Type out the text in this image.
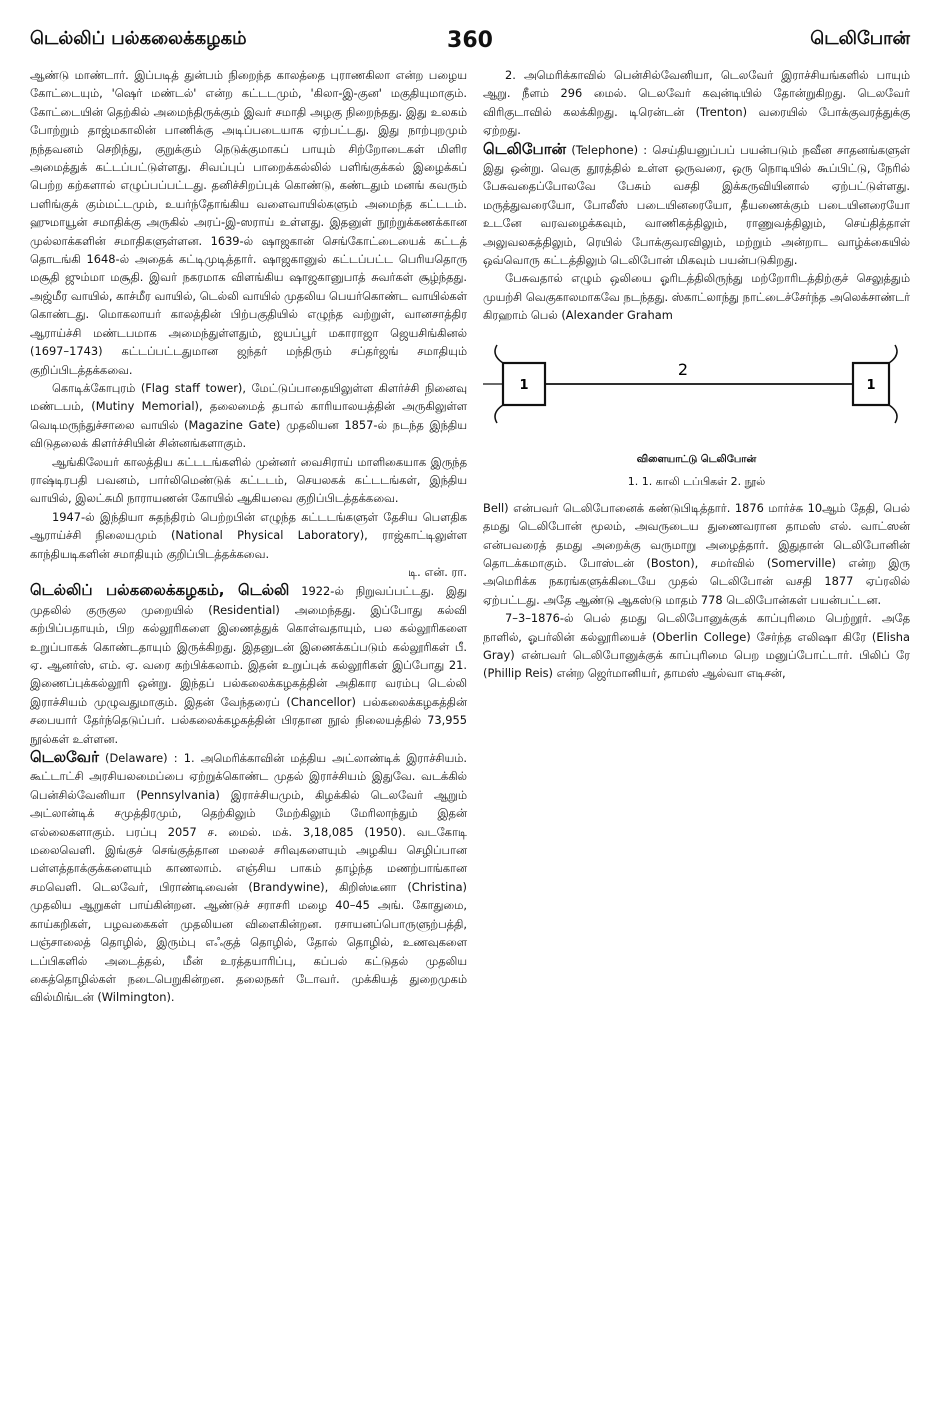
டெல்லிப் பல்கலைக்கழகம்	360	டெலிபோன்

ஆண்டு மாண்டார். இப்படித் துன்பம் நிறைந்த காலத்தை புராணகிலா என்ற பழைய கோட்டையும், 'ஷெர் மண்டல்' என்ற கட்டடமும், 'கிலா-இ-குன' மகுதியுமாகும். கோட்டையின் தெற்கில் அமைந்திருக்கும் இவர் சமாதி அழகு நிறைந்தது. இது உலகம் போற்றும் தாஜ்மகாலின் பாணிக்கு அடிப்படையாக ஏற்பட்டது. இது நாற்புறமும் நந்தவனம் செறிந்து, குறுக்கும் நெடுக்குமாகப் பாயும் சிற்றோடைகள் மிளிர அமைத்துக் கட்டப்பட்டுள்ளது. சிவப்புப் பாறைக்கல்லில் பளிங்குக்கல் இழைக்கப் பெற்ற கற்களால் எழுப்பப்பட்டது. தனிச்சிறப்புக் கொண்டு, கண்டதும் மனங் கவரும் பளிங்குக் கும்மட்டமும், உயர்ந்தோங்கிய வளைவாயில்களும் அமைந்த கட்டடம். ஹுமாயூன் சமாதிக்கு அருகில் அரப்-இ-ஸராய் உள்ளது. இதனுள் நூற்றுக்கணக்கான முல்லாக்களின் சமாதிகளுள்ளன. 1639-ல் ஷாஜகான் செங்கோட்டையைக் கட்டத் தொடங்கி 1648-ல் அதைக் கட்டிமுடித்தார். ஷாஜகானுல் கட்டப்பட்ட பெரியதொரு மசூதி ஜும்மா மசூதி. இவர் நகரமாக விளங்கிய ஷாஜகானுபாத் சுவர்கள் சூழ்ந்தது. அஜ்மீர வாயில், காச்மீர வாயில், டெல்லி வாயில் முதலிய பெயர்கொண்ட வாயில்கள் கொண்டது. மொகலாயர் காலத்தின் பிற்பகுதியில் எழுந்த வற்றுள், வானசாத்திர ஆராய்ச்சி மண்டபமாக அமைந்துள்ளதும், ஜயப்பூர் மகாராஜா ஜெயசிங்கினல் (1697–1743) கட்டப்பட்டதுமான ஜந்தர் மந்திரும் சப்தர்ஜங் சமாதியும் குறிப்பிடத்தக்கவை.

கொடிக்கோபுரம் (Flag staff tower), மேட்டுப்பாதையிலுள்ள கிளர்ச்சி நினைவு மண்டபம், (Mutiny Memorial), தலைமைத் தபால் காரியாலயத்தின் அருகிலுள்ள வெடிமருந்துச்சாலை வாயில் (Magazine Gate) முதலியன 1857-ல் நடந்த இந்திய விடுதலைக் கிளர்ச்சியின் சின்னங்களாகும்.

ஆங்கிலேயர் காலத்திய கட்டடங்களில் முன்னர் வைசிராய் மாளிகையாக இருந்த ராஷ்டிரபதி பவனம், பார்லிமெண்டுக் கட்டடம், செயலகக் கட்டடங்கள், இந்திய வாயில், இலட்சுமி நாராயணன் கோயில் ஆகியவை குறிப்பிடத்தக்கவை.

1947-ல் இந்தியா சுதந்திரம் பெற்றபின் எழுந்த கட்டடங்களுள் தேசிய பௌதிக ஆராய்ச்சி நிலையமும் (National Physical Laboratory), ராஜ்காட்டிலுள்ள காந்தியடிகளின் சமாதியும் குறிப்பிடத்தக்கவை.

டி. என். ரா.

டெல்லிப் பல்கலைக்கழகம், டெல்லி 1922-ல் நிறுவப்பட்டது. இது முதலில் குருகுல முறையில் (Residential) அமைந்தது. இப்போது கல்வி கற்பிப்பதாயும், பிற கல்லூரிகளை இணைத்துக் கொள்வதாயும், பல கல்லூரிகளை உறுப்பாகக் கொண்டதாயும் இருக்கிறது. இதனுடன் இணைக்கப்படும் கல்லூரிகள் பீ. ஏ. ஆனர்ஸ், எம். ஏ. வரை கற்பிக்கலாம். இதன் உறுப்புக் கல்லூரிகள் இப்போது 21. இணைப்புக்கல்லூரி ஒன்று. இந்தப் பல்கலைக்கழகத்தின் அதிகார வரம்பு டெல்லி இராச்சியம் முழுவதுமாகும். இதன் வேந்தரைப் (Chancellor) பல்கலைக்கழகத்தின் சபையார் தேர்ந்தெடுப்பர். பல்கலைக்கழகத்தின் பிரதான நூல் நிலையத்தில் 73,955 நூல்கள் உள்ளன.

டெலவேர் (Delaware) : 1. அமெரிக்காவின் மத்திய அட்லாண்டிக் இராச்சியம். கூட்டாட்சி அரசியலமைப்பை ஏற்றுக்கொண்ட முதல் இராச்சியம் இதுவே. வடக்கில் பென்சில்வேனியா (Pennsylvania) இராச்சியமும், கிழக்கில் டெலவேர் ஆறும் அட்லான்டிக் சமுத்திரமும், தெற்கிலும் மேற்கிலும் மேரிலாந்தும் இதன் எல்லைகளாகும். பரப்பு 2057 ச. மைல். மக். 3,18,085 (1950). வடகோடி மலைவெளி. இங்குச் செங்குத்தான மலைச் சரிவுகளையும் அழகிய செழிப்பான பள்ளத்தாக்குக்களையும் காணலாம். எஞ்சிய பாகம் தாழ்ந்த மணற்பாங்கான சமவெளி. டெலவேர், பிராண்டிவைன் (Brandywine), கிறிஸ்டீனா (Christina) முதலிய ஆறுகள் பாய்கின்றன. ஆண்டுச் சராசரி மழை 40–45 அங். கோதுமை, காய்கறிகள், பழவகைகள் முதலியன விளைகின்றன. ரசாயனப்பொருளுற்பத்தி, பஞ்சாலைத் தொழில், இரும்பு எஃகுத் தொழில், தோல் தொழில், உணவுகளை டப்பிகளில் அடைத்தல், மீன் உரத்தயாரிப்பு, கப்பல் கட்டுதல் முதலிய கைத்தொழில்கள் நடைபெறுகின்றன. தலைநகர் டோவர். முக்கியத் துறைமுகம் வில்மிங்டன் (Wilmington).

2. அமெரிக்காவில் பென்சில்வேனியா, டெலவேர் இராச்சியங்களில் பாயும் ஆறு. நீளம் 296 மைல். டெலவேர் கவுன்டியில் தோன்றுகிறது. டெலவேர் விரிகுடாவில் கலக்கிறது. டிரென்டன் (Trenton) வரையில் போக்குவரத்துக்கு ஏற்றது.

டெலிபோன் (Telephone) : செய்தியனுப்பப் பயன்படும் நவீன சாதனங்களுள் இது ஒன்று. வெகு தூரத்தில் உள்ள ஒருவரை, ஒரு நொடியில் கூப்பிட்டு, நேரில் பேசுவதைப்போலவே பேசும் வசதி இக்கருவியினால் ஏற்பட்டுள்ளது. மருத்துவரையோ, போலீஸ் படையினரையோ, தீயணைக்கும் படையினரையோ உடனே வரவழைக்கவும், வாணிகத்திலும், ராணுவத்திலும், செய்தித்தாள் அலுவலகத்திலும், ரெயில் போக்குவரவிலும், மற்றும் அன்றாட வாழ்க்கையில் ஒவ்வொரு கட்டத்திலும் டெலிபோன் மிகவும் பயன்படுகிறது.

பேசுவதால் எழும் ஒலியை ஓரிடத்திலிருந்து மற்றோரிடத்திற்குச் செலுத்தும் முயற்சி வெகுகாலமாகவே நடந்தது. ஸ்காட்லாந்து நாட்டைச்சேர்ந்த அலெக்சாண்டர் கிரஹாம் பெல் (Alexander Graham

1
2
1
விளையாட்டு டெலிபோன்
1. 1. காலி டப்பிகள் 2. நூல்

Bell) என்பவர் டெலிபோனைக் கண்டுபிடித்தார். 1876 மார்ச்சு 10ஆம் தேதி, பெல் தமது டெலிபோன் மூலம், அவருடைய துணைவரான தாமஸ் எல். வாட்ஸன் என்பவரைத் தமது அறைக்கு வருமாறு அழைத்தார். இதுதான் டெலிபோனின் தொடக்கமாகும். போஸ்டன் (Boston), சமர்வில் (Somerville) என்ற இரு அமெரிக்க நகரங்களுக்கிடையே முதல் டெலிபோன் வசதி 1877 ஏப்ரலில் ஏற்பட்டது. அதே ஆண்டு ஆகஸ்டு மாதம் 778 டெலிபோன்கள் பயன்பட்டன.

7–3–1876-ல் பெல் தமது டெலிபோனுக்குக் காப்புரிமை பெற்றூர். அதே நாளில், ஓபர்லின் கல்லூரியைச் (Oberlin College) சேர்ந்த எலிஷா கிரே (Elisha Gray) என்பவர் டெலிபோனுக்குக் காப்புரிமை பெற மனுப்போட்டார். பிலிப் ரே (Phillip Reis) என்ற ஜெர்மானியர், தாமஸ் ஆல்வா எடிசன்,
